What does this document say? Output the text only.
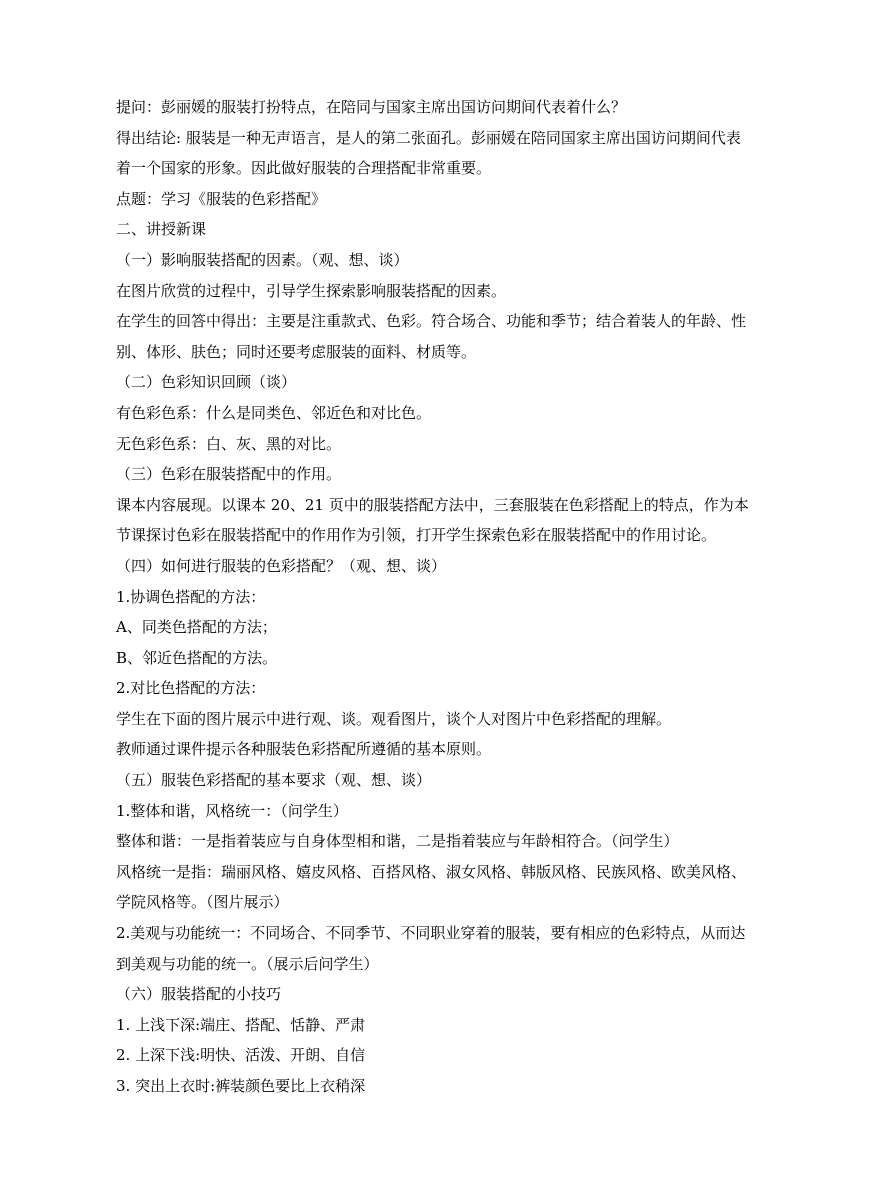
提问：彭丽媛的服装打扮特点，在陪同与国家主席出国访问期间代表着什么？
得出结论: 服装是一种无声语言，是人的第二张面孔。彭丽媛在陪同国家主席出国访问期间代表
着一个国家的形象。因此做好服装的合理搭配非常重要。
点题：学习《服装的色彩搭配》
二、讲授新课
（一）影响服装搭配的因素。（观、想、谈）
在图片欣赏的过程中，引导学生探索影响服装搭配的因素。
在学生的回答中得出：主要是注重款式、色彩。符合场合、功能和季节；结合着装人的年龄、性
别、体形、肤色；同时还要考虑服装的面料、材质等。
（二）色彩知识回顾（谈）
有色彩色系：什么是同类色、邻近色和对比色。
无色彩色系：白、灰、黑的对比。
（三）色彩在服装搭配中的作用。
课本内容展现。以课本 20、21 页中的服装搭配方法中，三套服装在色彩搭配上的特点，作为本
节课探讨色彩在服装搭配中的作用作为引领，打开学生探索色彩在服装搭配中的作用讨论。
（四）如何进行服装的色彩搭配？（观、想、谈）
1.协调色搭配的方法：
A、同类色搭配的方法；
B、邻近色搭配的方法。
2.对比色搭配的方法：
学生在下面的图片展示中进行观、谈。观看图片，谈个人对图片中色彩搭配的理解。
教师通过课件提示各种服装色彩搭配所遵循的基本原则。
（五）服装色彩搭配的基本要求（观、想、谈）
1.整体和谐，风格统一：（问学生）
整体和谐：一是指着装应与自身体型相和谐，二是指着装应与年龄相符合。（问学生）
风格统一是指：瑞丽风格、嬉皮风格、百搭风格、淑女风格、韩版风格、民族风格、欧美风格、
学院风格等。（图片展示）
2.美观与功能统一：不同场合、不同季节、不同职业穿着的服装，要有相应的色彩特点，从而达
到美观与功能的统一。（展示后问学生）
（六）服装搭配的小技巧
1. 上浅下深:端庄、搭配、恬静、严肃
2. 上深下浅:明快、活泼、开朗、自信
3. 突出上衣时:裤装颜色要比上衣稍深
